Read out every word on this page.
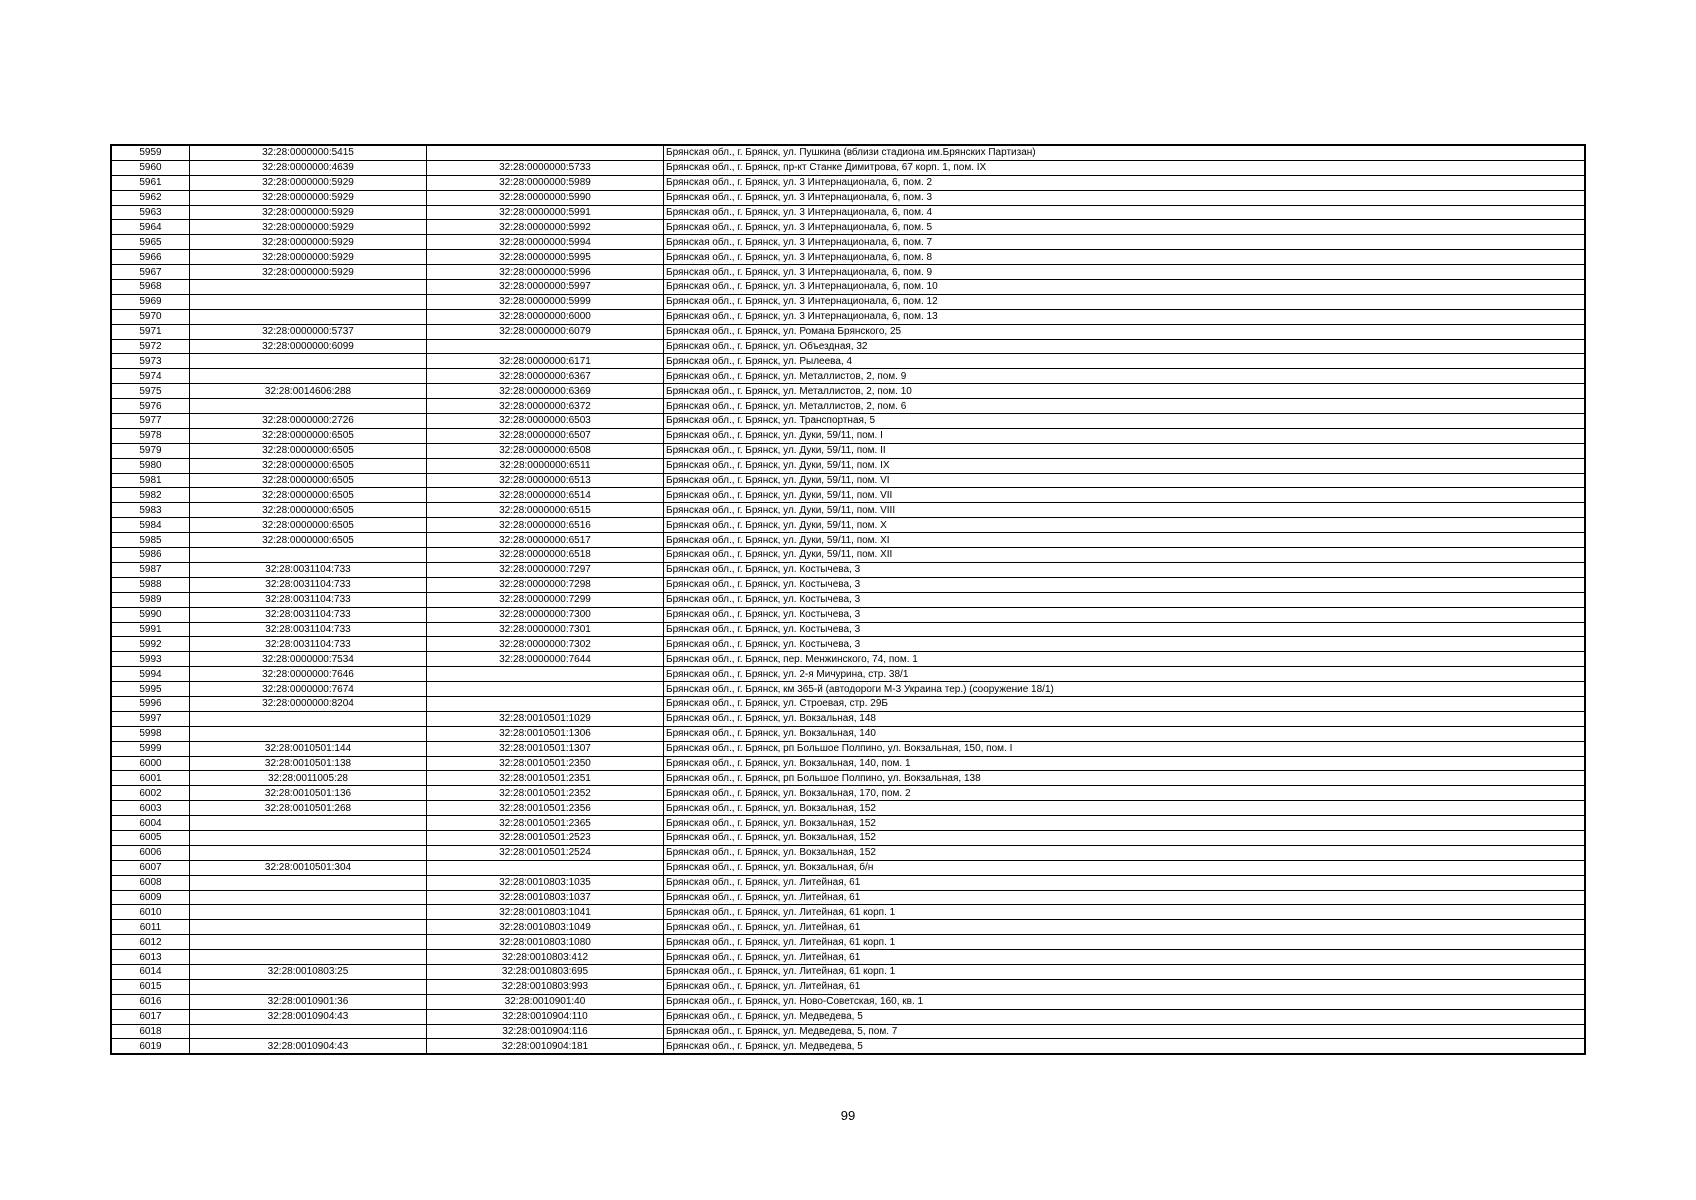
5959	32:28:0000000:5415		Брянская обл., г. Брянск, ул. Пушкина (вблизи стадиона им.Брянских Партизан)
5960	32:28:0000000:4639	32:28:0000000:5733	Брянская обл., г. Брянск, пр-кт Станке Димитрова, 67 корп. 1, пом. IX
5961	32:28:0000000:5929	32:28:0000000:5989	Брянская обл., г. Брянск, ул. 3 Интернационала, 6, пом. 2
5962	32:28:0000000:5929	32:28:0000000:5990	Брянская обл., г. Брянск, ул. 3 Интернационала, 6, пом. 3
5963	32:28:0000000:5929	32:28:0000000:5991	Брянская обл., г. Брянск, ул. 3 Интернационала, 6, пом. 4
5964	32:28:0000000:5929	32:28:0000000:5992	Брянская обл., г. Брянск, ул. 3 Интернационала, 6, пом. 5
5965	32:28:0000000:5929	32:28:0000000:5994	Брянская обл., г. Брянск, ул. 3 Интернационала, 6, пом. 7
5966	32:28:0000000:5929	32:28:0000000:5995	Брянская обл., г. Брянск, ул. 3 Интернационала, 6, пом. 8
5967	32:28:0000000:5929	32:28:0000000:5996	Брянская обл., г. Брянск, ул. 3 Интернационала, 6, пом. 9
5968		32:28:0000000:5997	Брянская обл., г. Брянск, ул. 3 Интернационала, 6, пом. 10
5969		32:28:0000000:5999	Брянская обл., г. Брянск, ул. 3 Интернационала, 6, пом. 12
5970		32:28:0000000:6000	Брянская обл., г. Брянск, ул. 3 Интернационала, 6, пом. 13
5971	32:28:0000000:5737	32:28:0000000:6079	Брянская обл., г. Брянск, ул. Романа Брянского, 25
5972	32:28:0000000:6099		Брянская обл., г. Брянск, ул. Объездная, 32
5973		32:28:0000000:6171	Брянская обл., г. Брянск, ул. Рылеева, 4
5974		32:28:0000000:6367	Брянская обл., г. Брянск, ул. Металлистов, 2, пом. 9
5975	32:28:0014606:288	32:28:0000000:6369	Брянская обл., г. Брянск, ул. Металлистов, 2, пом. 10
5976		32:28:0000000:6372	Брянская обл., г. Брянск, ул. Металлистов, 2, пом. 6
5977	32:28:0000000:2726	32:28:0000000:6503	Брянская обл., г. Брянск, ул. Транспортная, 5
5978	32:28:0000000:6505	32:28:0000000:6507	Брянская обл., г. Брянск, ул. Дуки, 59/11, пом. I
5979	32:28:0000000:6505	32:28:0000000:6508	Брянская обл., г. Брянск, ул. Дуки, 59/11, пом. II
5980	32:28:0000000:6505	32:28:0000000:6511	Брянская обл., г. Брянск, ул. Дуки, 59/11, пом. IX
5981	32:28:0000000:6505	32:28:0000000:6513	Брянская обл., г. Брянск, ул. Дуки, 59/11, пом. VI
5982	32:28:0000000:6505	32:28:0000000:6514	Брянская обл., г. Брянск, ул. Дуки, 59/11, пом. VII
5983	32:28:0000000:6505	32:28:0000000:6515	Брянская обл., г. Брянск, ул. Дуки, 59/11, пом. VIII
5984	32:28:0000000:6505	32:28:0000000:6516	Брянская обл., г. Брянск, ул. Дуки, 59/11, пом. X
5985	32:28:0000000:6505	32:28:0000000:6517	Брянская обл., г. Брянск, ул. Дуки, 59/11, пом. XI
5986		32:28:0000000:6518	Брянская обл., г. Брянск, ул. Дуки, 59/11, пом. XII
5987	32:28:0031104:733	32:28:0000000:7297	Брянская обл., г. Брянск, ул. Костычева, 3
5988	32:28:0031104:733	32:28:0000000:7298	Брянская обл., г. Брянск, ул. Костычева, 3
5989	32:28:0031104:733	32:28:0000000:7299	Брянская обл., г. Брянск, ул. Костычева, 3
5990	32:28:0031104:733	32:28:0000000:7300	Брянская обл., г. Брянск, ул. Костычева, 3
5991	32:28:0031104:733	32:28:0000000:7301	Брянская обл., г. Брянск, ул. Костычева, 3
5992	32:28:0031104:733	32:28:0000000:7302	Брянская обл., г. Брянск, ул. Костычева, 3
5993	32:28:0000000:7534	32:28:0000000:7644	Брянская обл., г. Брянск, пер. Менжинского, 74, пом. 1
5994	32:28:0000000:7646		Брянская обл., г. Брянск, ул. 2-я Мичурина, стр. 38/1
5995	32:28:0000000:7674		Брянская обл., г. Брянск, км 365-й (автодороги М-3 Украина тер.) (сооружение 18/1)
5996	32:28:0000000:8204		Брянская обл., г. Брянск, ул. Строевая, стр. 29Б
5997		32:28:0010501:1029	Брянская обл., г. Брянск, ул. Вокзальная, 148
5998		32:28:0010501:1306	Брянская обл., г. Брянск, ул. Вокзальная, 140
5999	32:28:0010501:144	32:28:0010501:1307	Брянская обл., г. Брянск, рп Большое Полпино, ул. Вокзальная, 150, пом. I
6000	32:28:0010501:138	32:28:0010501:2350	Брянская обл., г. Брянск, ул. Вокзальная, 140, пом. 1
6001	32:28:0011005:28	32:28:0010501:2351	Брянская обл., г. Брянск, рп Большое Полпино, ул. Вокзальная, 138
6002	32:28:0010501:136	32:28:0010501:2352	Брянская обл., г. Брянск, ул. Вокзальная, 170, пом. 2
6003	32:28:0010501:268	32:28:0010501:2356	Брянская обл., г. Брянск, ул. Вокзальная, 152
6004		32:28:0010501:2365	Брянская обл., г. Брянск, ул. Вокзальная, 152
6005		32:28:0010501:2523	Брянская обл., г. Брянск, ул. Вокзальная, 152
6006		32:28:0010501:2524	Брянская обл., г. Брянск, ул. Вокзальная, 152
6007	32:28:0010501:304		Брянская обл., г. Брянск, ул. Вокзальная, б/н
6008		32:28:0010803:1035	Брянская обл., г. Брянск, ул. Литейная, 61
6009		32:28:0010803:1037	Брянская обл., г. Брянск, ул. Литейная, 61
6010		32:28:0010803:1041	Брянская обл., г. Брянск, ул. Литейная, 61 корп. 1
6011		32:28:0010803:1049	Брянская обл., г. Брянск, ул. Литейная, 61
6012		32:28:0010803:1080	Брянская обл., г. Брянск, ул. Литейная, 61 корп. 1
6013		32:28:0010803:412	Брянская обл., г. Брянск, ул. Литейная, 61
6014	32:28:0010803:25	32:28:0010803:695	Брянская обл., г. Брянск, ул. Литейная, 61 корп. 1
6015		32:28:0010803:993	Брянская обл., г. Брянск, ул. Литейная, 61
6016	32:28:0010901:36	32:28:0010901:40	Брянская обл., г. Брянск, ул. Ново-Советская, 160, кв. 1
6017	32:28:0010904:43	32:28:0010904:110	Брянская обл., г. Брянск, ул. Медведева, 5
6018		32:28:0010904:116	Брянская обл., г. Брянск, ул. Медведева, 5, пом. 7
6019	32:28:0010904:43	32:28:0010904:181	Брянская обл., г. Брянск, ул. Медведева, 5
99
